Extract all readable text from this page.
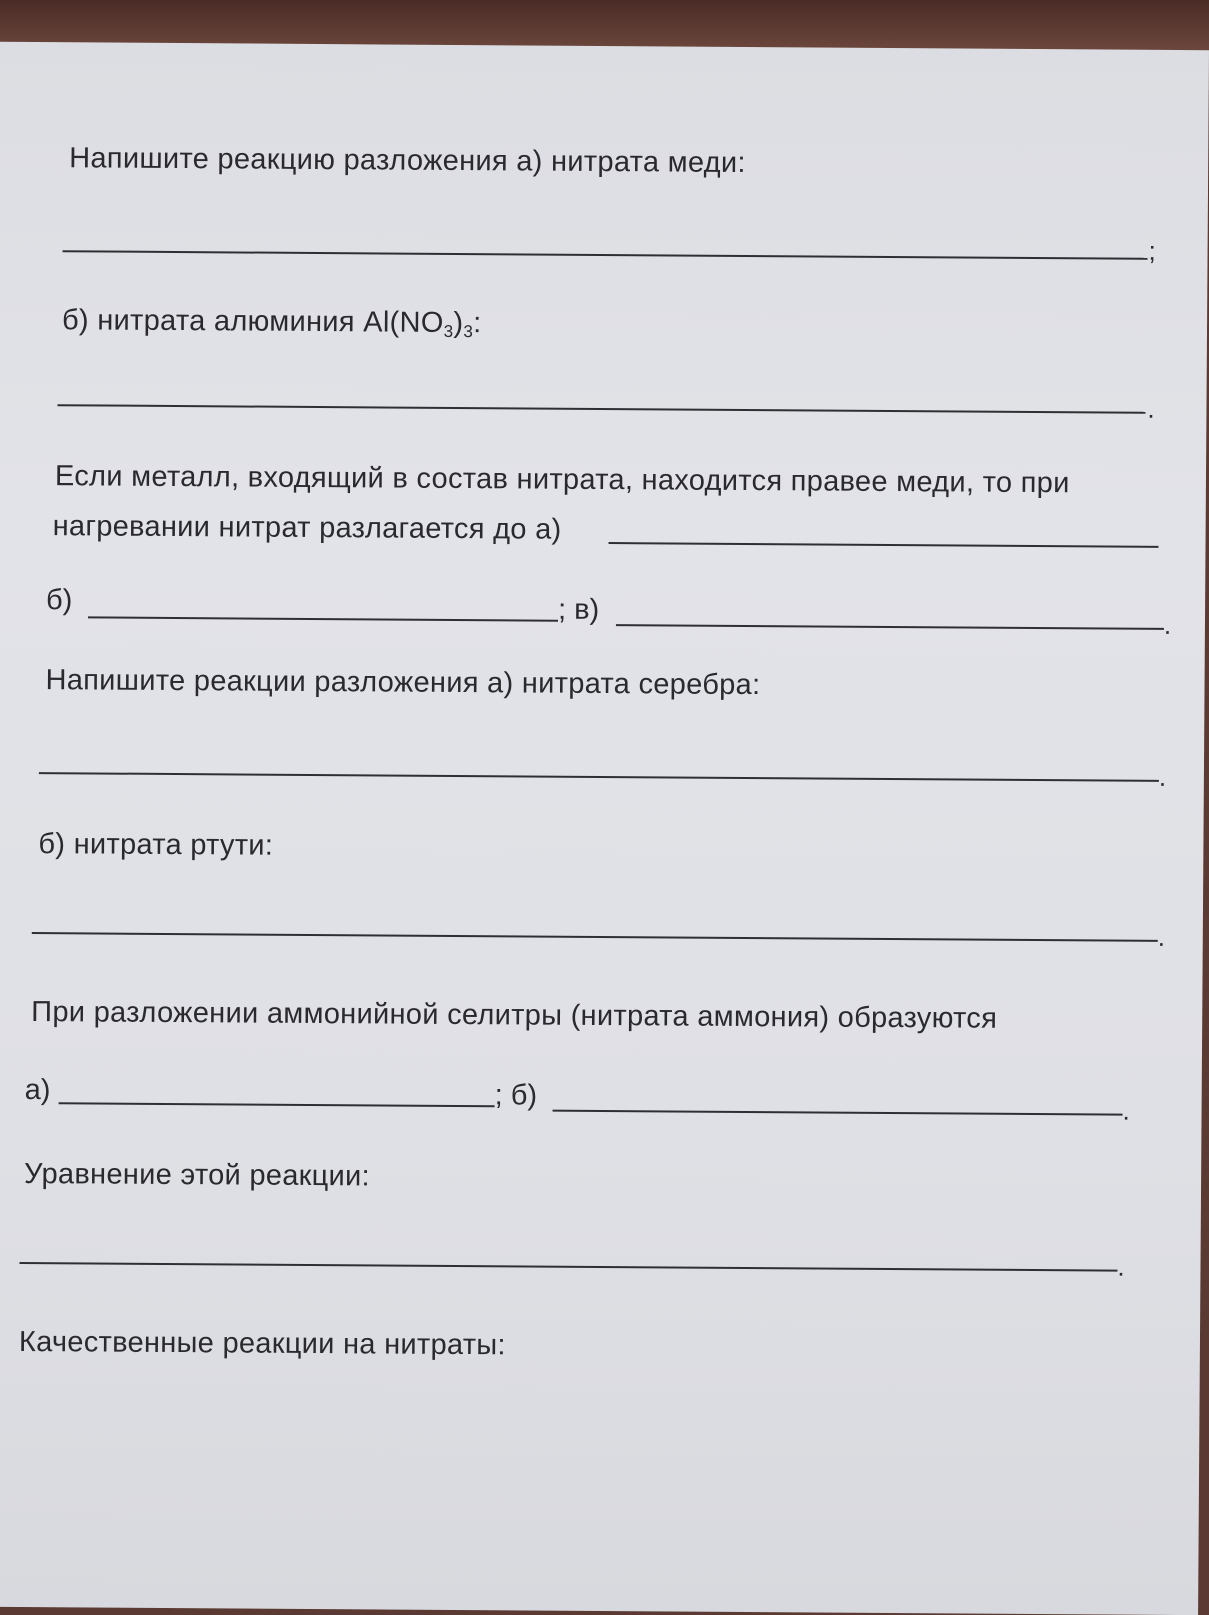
Напишите реакцию разложения а) нитрата меди:
;
б) нитрата алюминия $Al(NO_3)_3$:
.
Если металл, входящий в состав нитрата, находится правее меди, то при
нагревании нитрат разлагается до а)
б)	; в)	.
Напишите реакции разложения а) нитрата серебра:
.
б) нитрата ртути:
.
При разложении аммонийной селитры (нитрата аммония) образуются
а)	; б)	.
Уравнение этой реакции:
.
Качественные реакции на нитраты:
